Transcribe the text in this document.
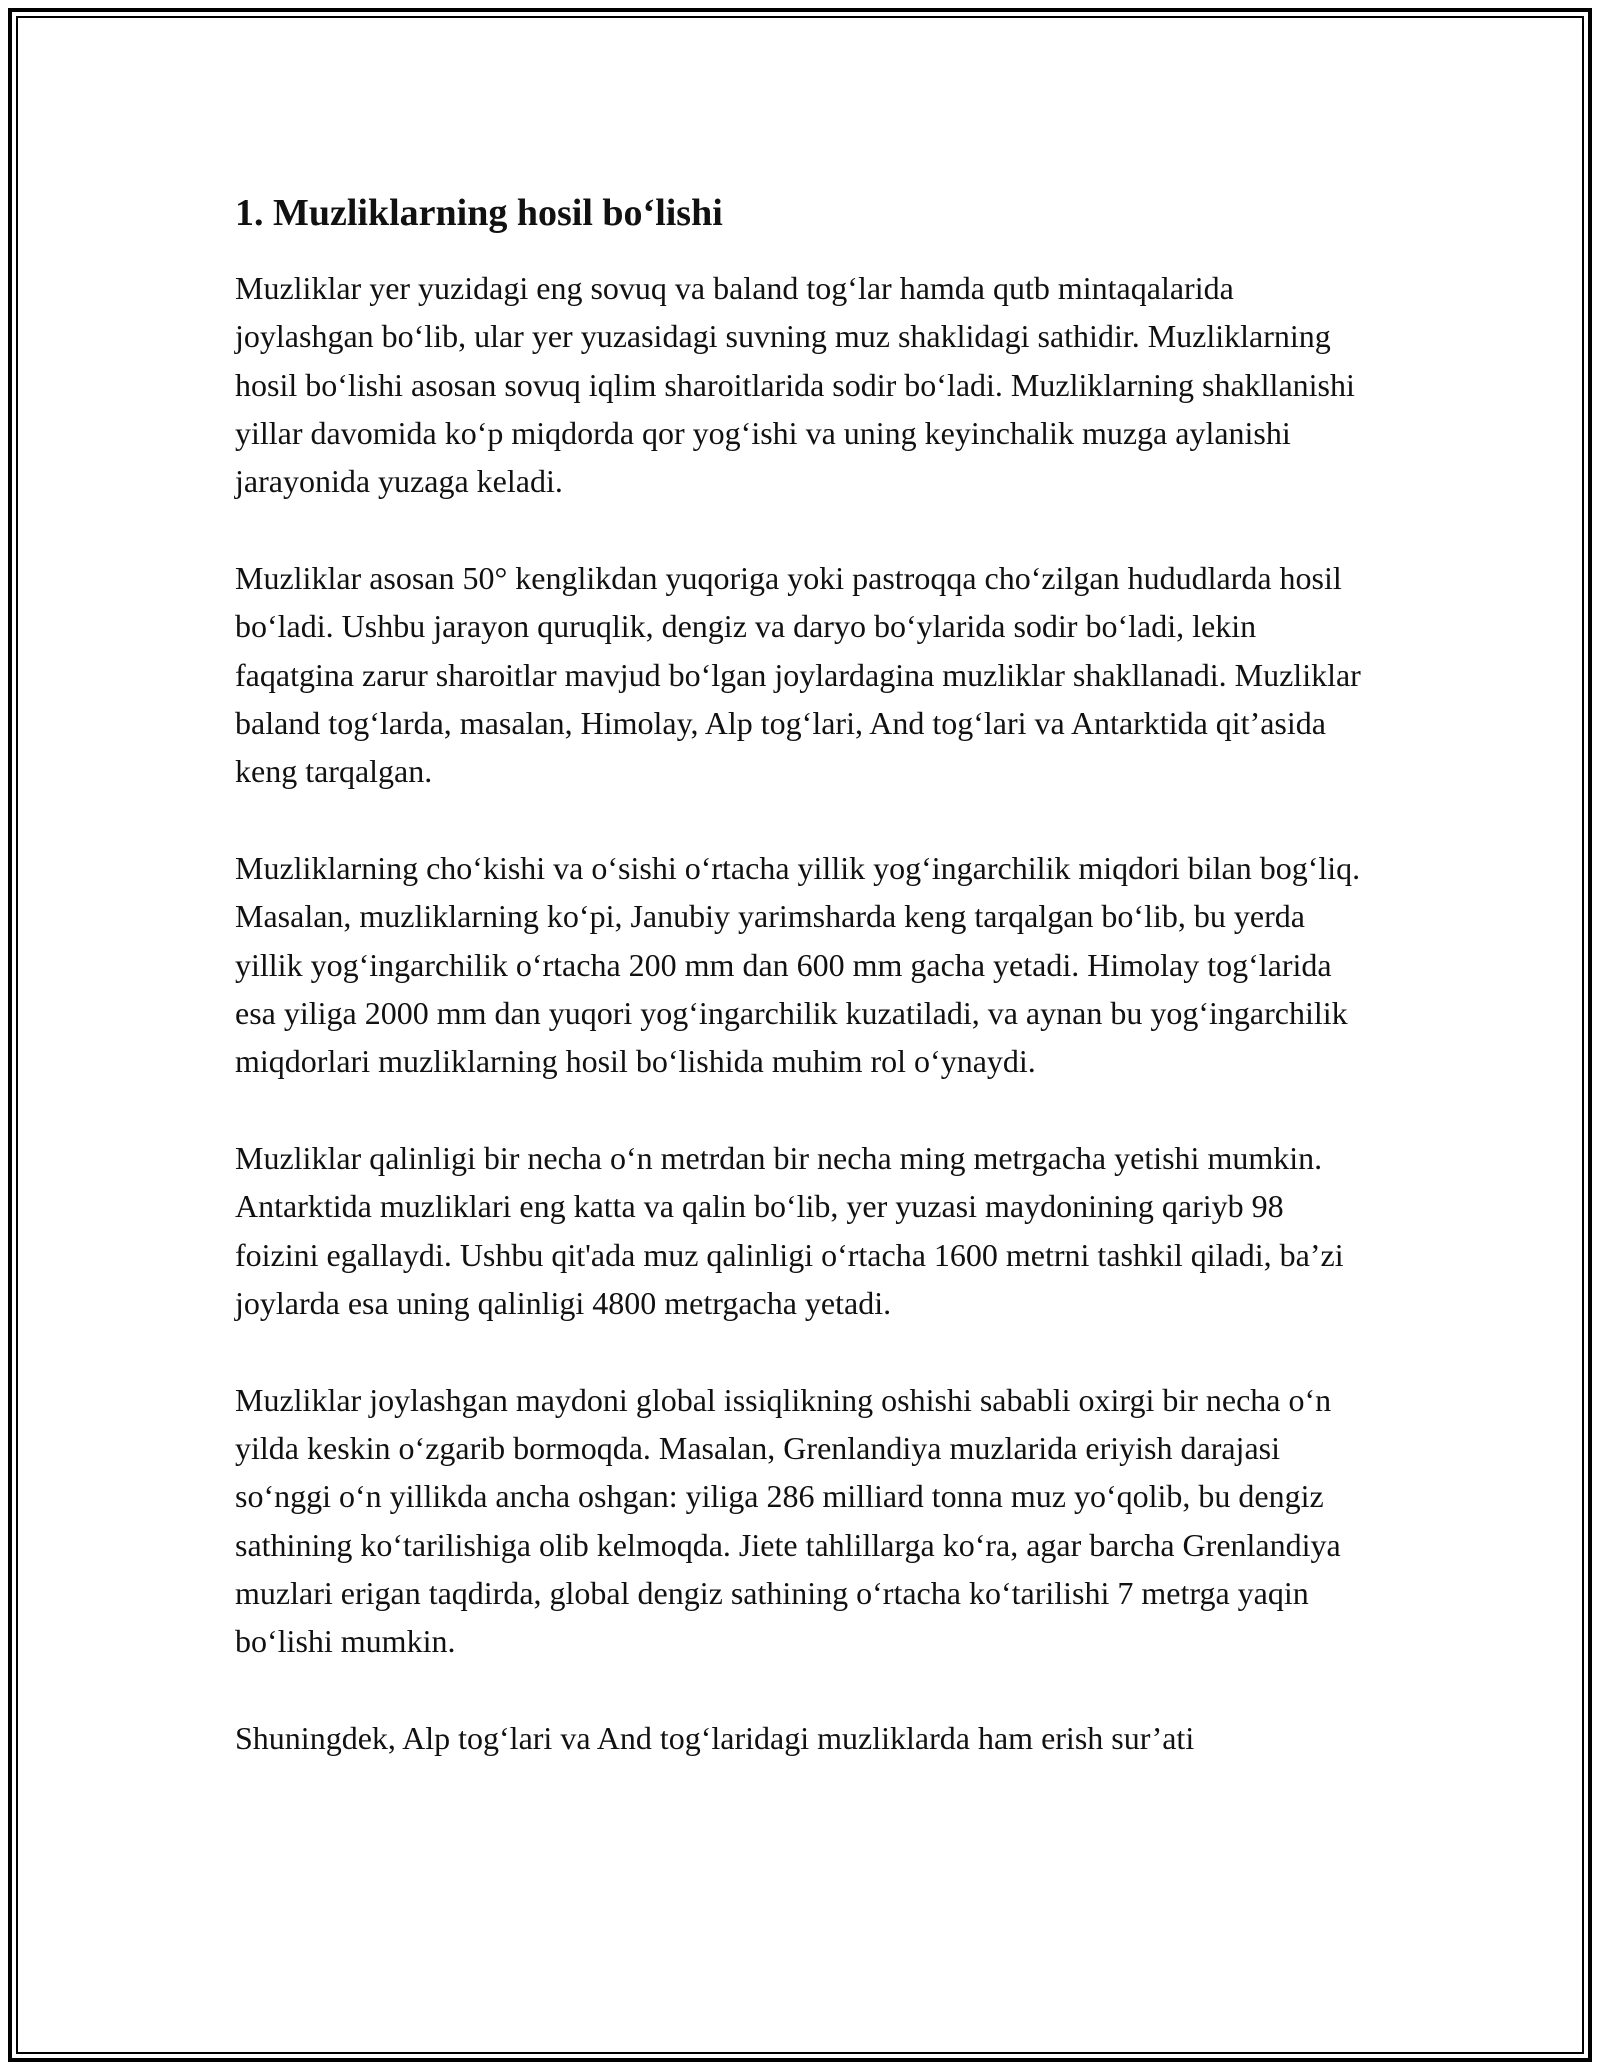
1. Muzliklarning hosil bo‘lishi

Muzliklar yer yuzidagi eng sovuq va baland tog‘lar hamda qutb mintaqalarida joylashgan bo‘lib, ular yer yuzasidagi suvning muz shaklidagi sathidir. Muzliklarning hosil bo‘lishi asosan sovuq iqlim sharoitlarida sodir bo‘ladi. Muzliklarning shakllanishi yillar davomida ko‘p miqdorda qor yog‘ishi va uning keyinchalik muzga aylanishi jarayonida yuzaga keladi.

Muzliklar asosan 50° kenglikdan yuqoriga yoki pastroqqa cho‘zilgan hududlarda hosil bo‘ladi. Ushbu jarayon quruqlik, dengiz va daryo bo‘ylarida sodir bo‘ladi, lekin faqatgina zarur sharoitlar mavjud bo‘lgan joylardagina muzliklar shakllanadi. Muzliklar baland tog‘larda, masalan, Himolay, Alp tog‘lari, And tog‘lari va Antarktida qit’asida keng tarqalgan.

Muzliklarning cho‘kishi va o‘sishi o‘rtacha yillik yog‘ingarchilik miqdori bilan bog‘liq. Masalan, muzliklarning ko‘pi, Janubiy yarimsharda keng tarqalgan bo‘lib, bu yerda yillik yog‘ingarchilik o‘rtacha 200 mm dan 600 mm gacha yetadi. Himolay tog‘larida esa yiliga 2000 mm dan yuqori yog‘ingarchilik kuzatiladi, va aynan bu yog‘ingarchilik miqdorlari muzliklarning hosil bo‘lishida muhim rol o‘ynaydi.

Muzliklar qalinligi bir necha o‘n metrdan bir necha ming metrgacha yetishi mumkin. Antarktida muzliklari eng katta va qalin bo‘lib, yer yuzasi maydonining qariyb 98 foizini egallaydi. Ushbu qit'ada muz qalinligi o‘rtacha 1600 metrni tashkil qiladi, ba’zi joylarda esa uning qalinligi 4800 metrgacha yetadi.

Muzliklar joylashgan maydoni global issiqlikning oshishi sababli oxirgi bir necha o‘n yilda keskin o‘zgarib bormoqda. Masalan, Grenlandiya muzlarida eriyish darajasi so‘nggi o‘n yillikda ancha oshgan: yiliga 286 milliard tonna muz yo‘qolib, bu dengiz sathining ko‘tarilishiga olib kelmoqda. Jiete tahlillarga ko‘ra, agar barcha Grenlandiya muzlari erigan taqdirda, global dengiz sathining o‘rtacha ko‘tarilishi 7 metrga yaqin bo‘lishi mumkin.

Shuningdek, Alp tog‘lari va And tog‘laridagi muzliklarda ham erish sur’ati
